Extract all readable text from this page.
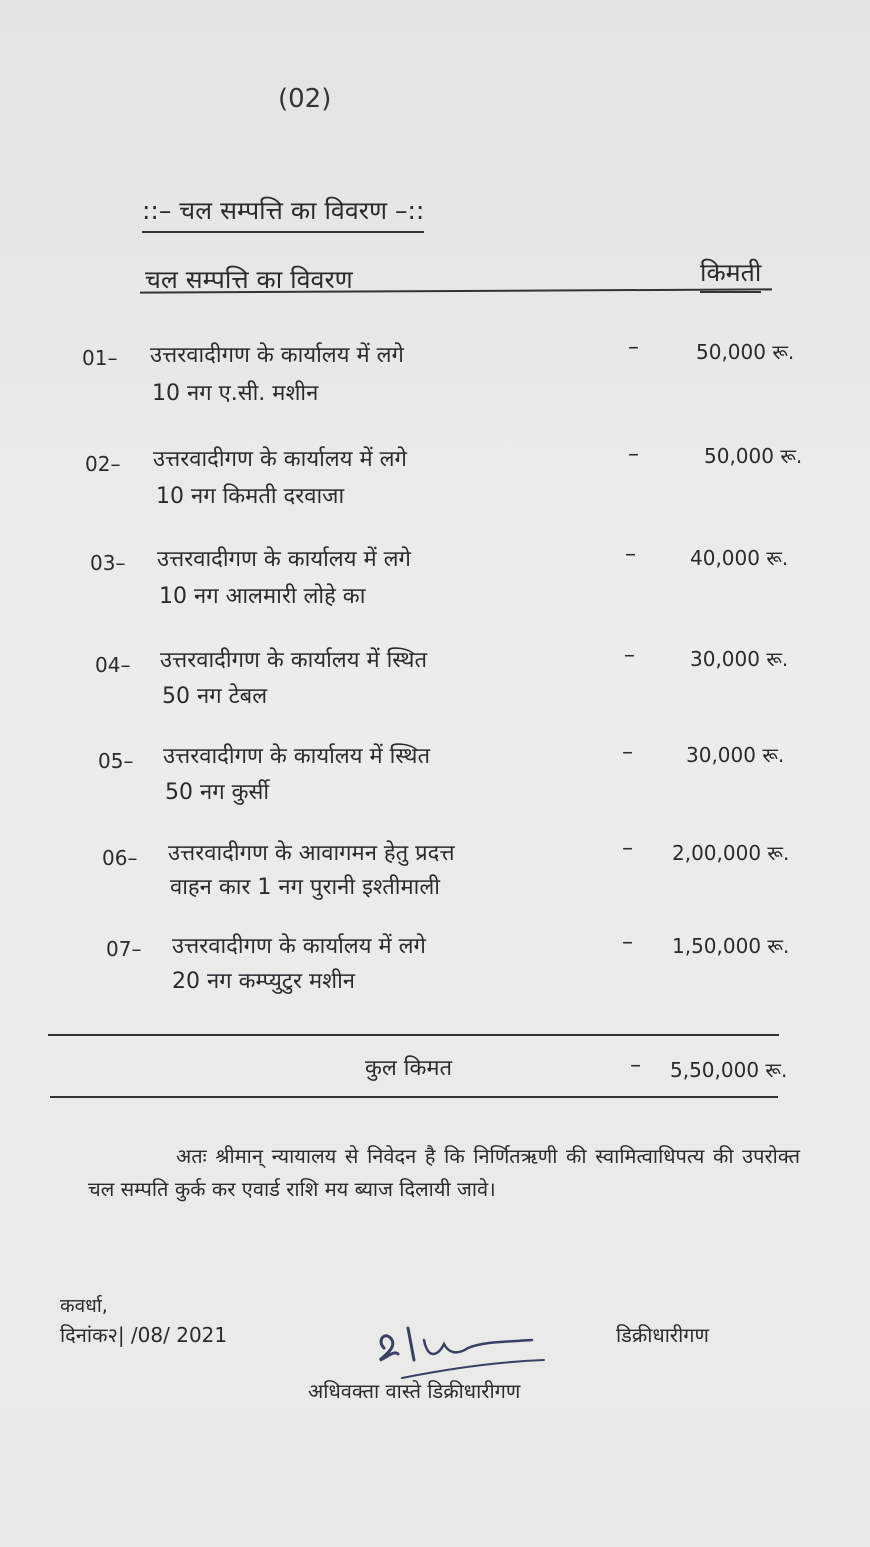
(02)
::– चल सम्पत्ति का विवरण –::
चल सम्पत्ति का विवरण	किमती
01– उत्तरवादीगण के कार्यालय में लगे
10 नग ए.सी. मशीन
–	50,000 रू.
02– उत्तरवादीगण के कार्यालय में लगे
10 नग किमती दरवाजा
–	50,000 रू.
03– उत्तरवादीगण के कार्यालय में लगे
10 नग आलमारी लोहे का
–	40,000 रू.
04– उत्तरवादीगण के कार्यालय में स्थित
50 नग टेबल
–	30,000 रू.
05– उत्तरवादीगण के कार्यालय में स्थित
50 नग कुर्सी
–	30,000 रू.
06– उत्तरवादीगण के आवागमन हेतु प्रदत्त
वाहन कार 1 नग पुरानी इश्तीमाली
– 2,00,000 रू.
07– उत्तरवादीगण के कार्यालय में लगे
20 नग कम्प्युटुर मशीन
– 1,50,000 रू.
कुल किमत	– 5,50,000 रू.
अतः श्रीमान् न्यायालय से निवेदन है कि निर्णितऋणी की स्वामित्वाधिपत्य की उपरोक्त चल सम्पति कुर्क कर एवार्ड राशि मय ब्याज दिलायी जावे।
कवर्धा,
दिनांक२| /08/ 2021	डिक्रीधारीगण
अधिवक्ता वास्ते डिक्रीधारीगण
